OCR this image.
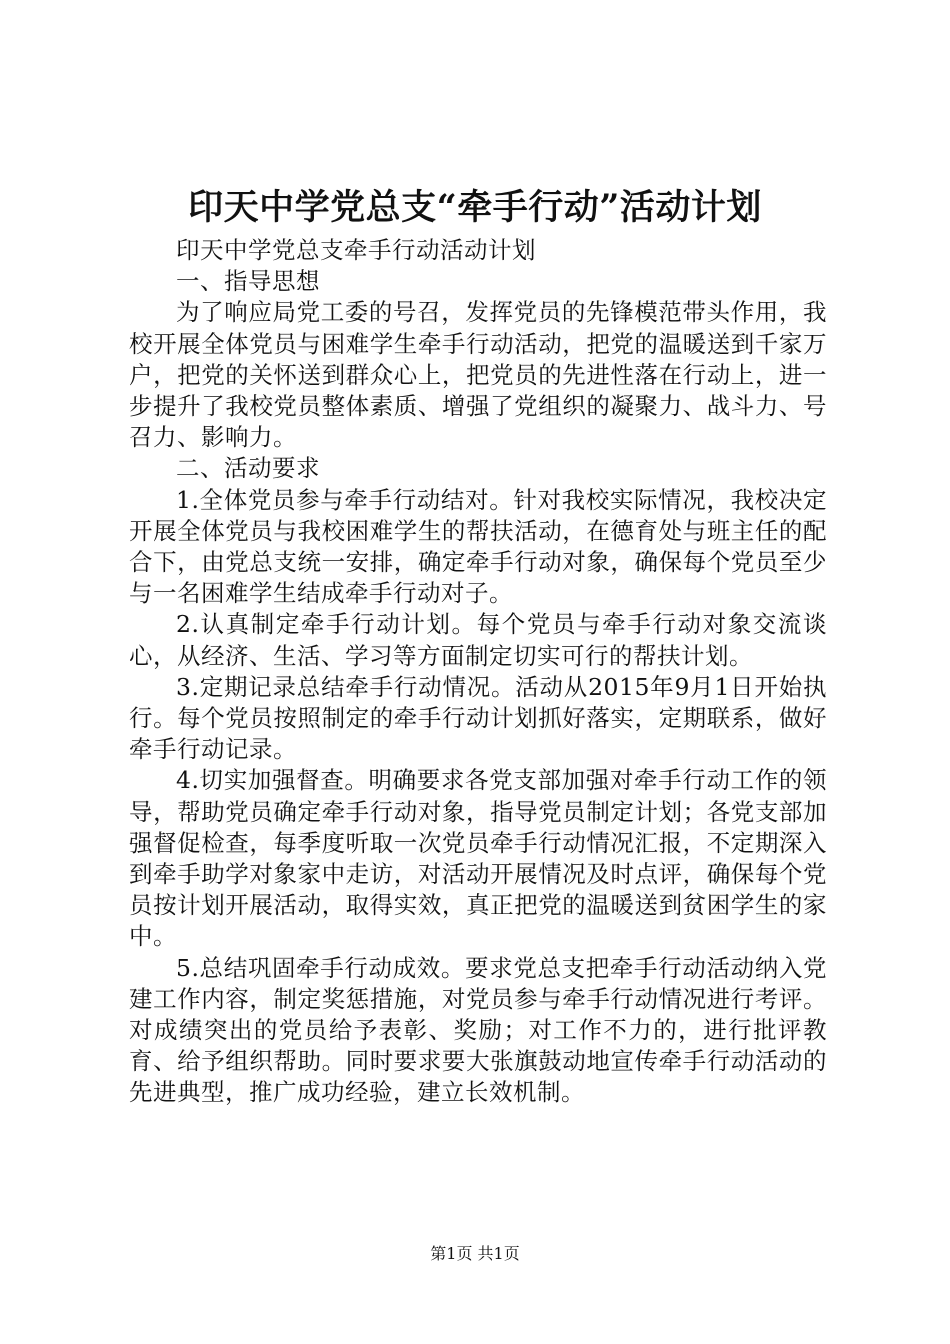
印天中学党总支“牵手行动”活动计划

印天中学党总支牵手行动活动计划

一、指导思想

为了响应局党工委的号召，发挥党员的先锋模范带头作用，我校开展全体党员与困难学生牵手行动活动，把党的温暖送到千家万户，把党的关怀送到群众心上，把党员的先进性落在行动上，进一步提升了我校党员整体素质、增强了党组织的凝聚力、战斗力、号召力、影响力。

二、活动要求

1.全体党员参与牵手行动结对。针对我校实际情况，我校决定开展全体党员与我校困难学生的帮扶活动，在德育处与班主任的配合下，由党总支统一安排，确定牵手行动对象，确保每个党员至少与一名困难学生结成牵手行动对子。

2.认真制定牵手行动计划。每个党员与牵手行动对象交流谈心，从经济、生活、学习等方面制定切实可行的帮扶计划。

3.定期记录总结牵手行动情况。活动从2015年9月1日开始执行。每个党员按照制定的牵手行动计划抓好落实，定期联系，做好牵手行动记录。

4.切实加强督查。明确要求各党支部加强对牵手行动工作的领导，帮助党员确定牵手行动对象，指导党员制定计划；各党支部加强督促检查，每季度听取一次党员牵手行动情况汇报，不定期深入到牵手助学对象家中走访，对活动开展情况及时点评，确保每个党员按计划开展活动，取得实效，真正把党的温暖送到贫困学生的家中。

5.总结巩固牵手行动成效。要求党总支把牵手行动活动纳入党建工作内容，制定奖惩措施，对党员参与牵手行动情况进行考评。对成绩突出的党员给予表彰、奖励；对工作不力的，进行批评教育、给予组织帮助。同时要求要大张旗鼓动地宣传牵手行动活动的先进典型，推广成功经验，建立长效机制。

第1页 共1页
